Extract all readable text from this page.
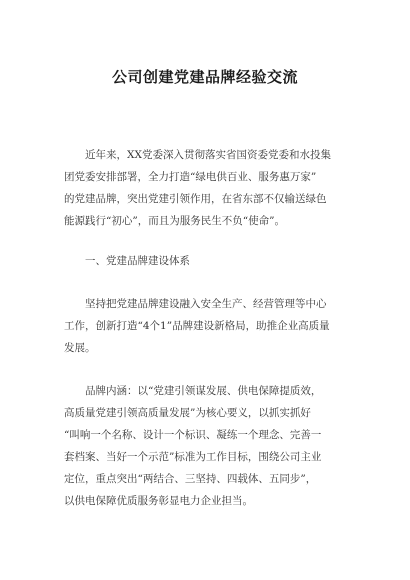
公司创建党建品牌经验交流
　　近年来，XX党委深入贯彻落实省国资委党委和水投集
团党委安排部署，全力打造“绿电供百业、服务惠万家”
的党建品牌，突出党建引领作用，在省东部不仅输送绿色
能源践行“初心”，而且为服务民生不负“使命”。
　　一、党建品牌建设体系
　　坚持把党建品牌建设融入安全生产、经营管理等中心
工作，创新打造“4个1”品牌建设新格局，助推企业高质量
发展。
　　品牌内涵：以“党建引领谋发展、供电保障提质效，
高质量党建引领高质量发展”为核心要义，以抓实抓好
“叫响一个名称、设计一个标识、凝练一个理念、完善一
套档案、当好一个示范”标准为工作目标，围绕公司主业
定位，重点突出“两结合、三坚持、四载体、五同步”，
以供电保障优质服务彰显电力企业担当。
